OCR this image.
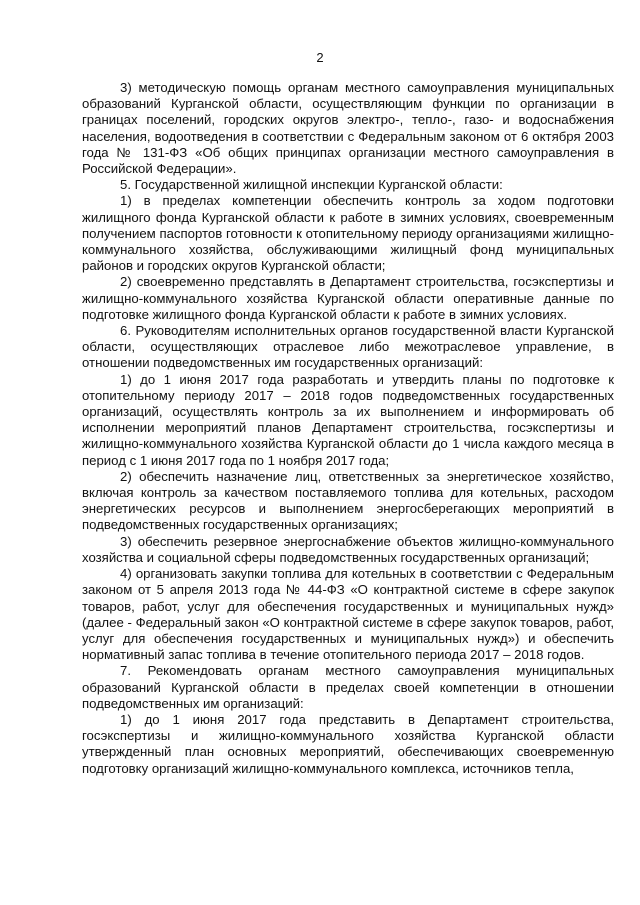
2

3) методическую помощь органам местного самоуправления муниципальных образований Курганской области, осуществляющим функции по организации в границах поселений, городских округов электро-, тепло-, газо- и водоснабжения населения, водоотведения в соответствии с Федеральным законом от 6 октября 2003 года № 131-ФЗ «Об общих принципах организации местного самоуправления в Российской Федерации».

5. Государственной жилищной инспекции Курганской области:

1) в пределах компетенции обеспечить контроль за ходом подготовки жилищного фонда Курганской области к работе в зимних условиях, своевременным получением паспортов готовности к отопительному периоду организациями жилищно-коммунального хозяйства, обслуживающими жилищный фонд муниципальных районов и городских округов Курганской области;

2) своевременно представлять в Департамент строительства, госэкспертизы и жилищно-коммунального хозяйства Курганской области оперативные данные по подготовке жилищного фонда Курганской области к работе в зимних условиях.

6. Руководителям исполнительных органов государственной власти Курганской области, осуществляющих отраслевое либо межотраслевое управление, в отношении подведомственных им государственных организаций:

1) до 1 июня 2017 года разработать и утвердить планы по подготовке к отопительному периоду 2017 – 2018 годов подведомственных государственных организаций, осуществлять контроль за их выполнением и информировать об исполнении мероприятий планов Департамент строительства, госэкспертизы и жилищно-коммунального хозяйства Курганской области до 1 числа каждого месяца в период с 1 июня 2017 года по 1 ноября 2017 года;

2) обеспечить назначение лиц, ответственных за энергетическое хозяйство, включая контроль за качеством поставляемого топлива для котельных, расходом энергетических ресурсов и выполнением энергосберегающих мероприятий в подведомственных государственных организациях;

3) обеспечить резервное энергоснабжение объектов жилищно-коммунального хозяйства и социальной сферы подведомственных государственных организаций;

4) организовать закупки топлива для котельных в соответствии с Федеральным законом от 5 апреля 2013 года № 44-ФЗ «О контрактной системе в сфере закупок товаров, работ, услуг для обеспечения государственных и муниципальных нужд» (далее - Федеральный закон «О контрактной системе в сфере закупок товаров, работ, услуг для обеспечения государственных и муниципальных нужд») и обеспечить нормативный запас топлива в течение отопительного периода 2017 – 2018 годов.

7. Рекомендовать органам местного самоуправления муниципальных образований Курганской области в пределах своей компетенции в отношении подведомственных им организаций:

1) до 1 июня 2017 года представить в Департамент строительства, госэкспертизы и жилищно-коммунального хозяйства Курганской области утвержденный план основных мероприятий, обеспечивающих своевременную подготовку организаций жилищно-коммунального комплекса, источников тепла,
